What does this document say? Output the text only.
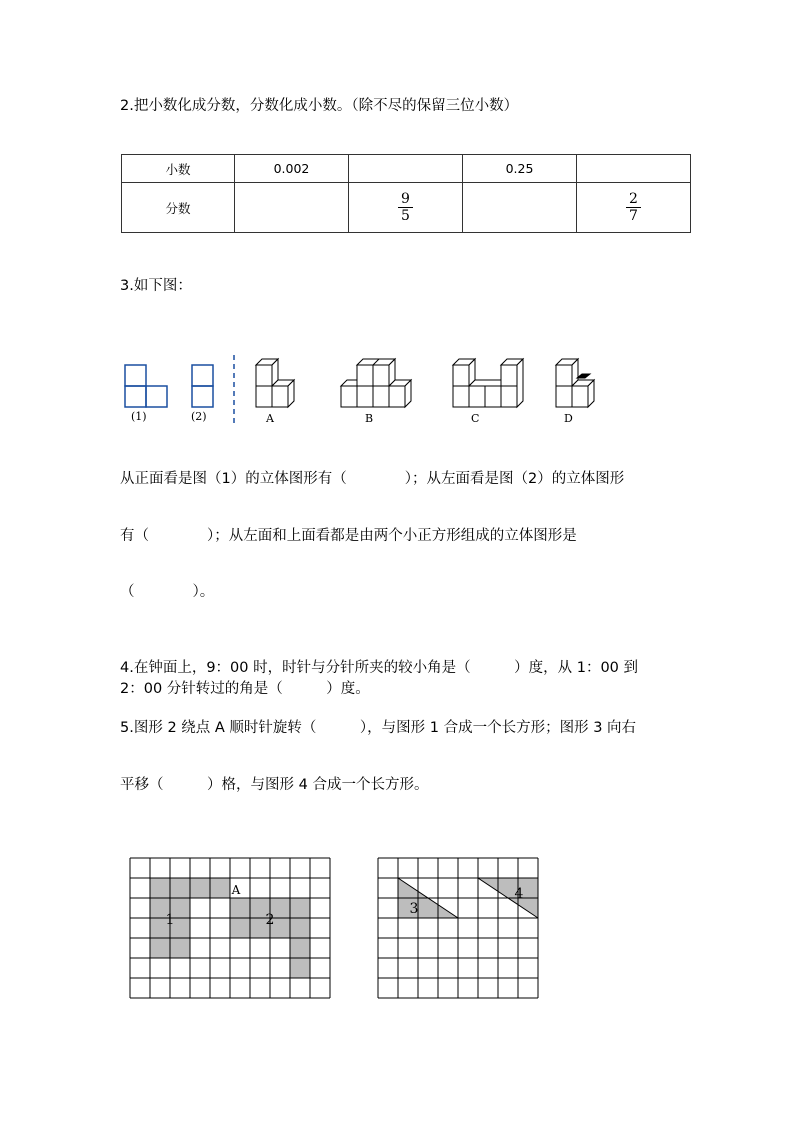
2.把小数化成分数，分数化成小数。（除不尽的保留三位小数）
小数	0.002		0.25	
分数		$\frac{9}{5}$		$\frac{2}{7}$
3.如下图：
(1)	(2)	A	B	C	D
从正面看是图（1）的立体图形有（　　　　）；从左面看是图（2）的立体图形
有（　　　　）；从左面和上面看都是由两个小正方形组成的立体图形是
（　　　　）。
4.在钟面上，9：00 时，时针与分针所夹的较小角是（　　　）度，从 1：00 到
2：00 分针转过的角是（　　　）度。
5.图形 2 绕点 A 顺时针旋转（　　　），与图形 1 合成一个长方形；图形 3 向右
平移（　　　）格，与图形 4 合成一个长方形。
1	2
A
3
4
